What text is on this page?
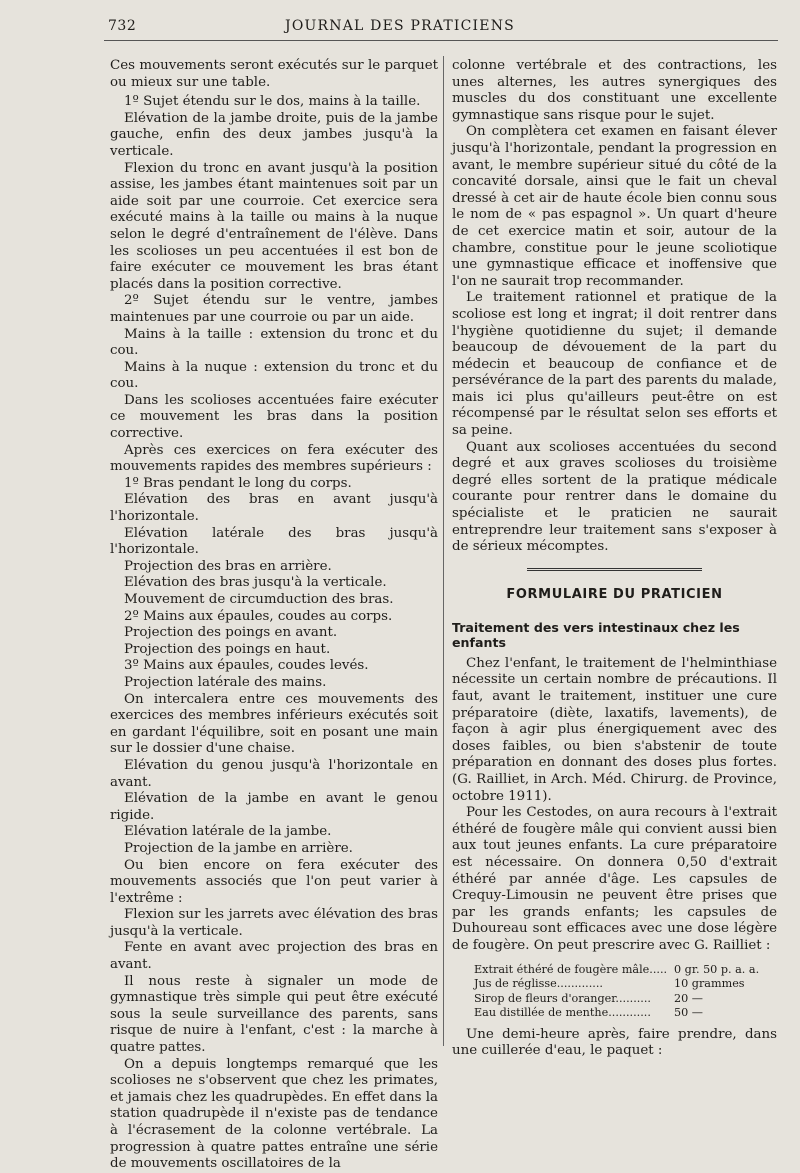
732	JOURNAL DES PRATICIENS

Ces mouvements seront exécutés sur le parquet ou mieux sur une table.

1º Sujet étendu sur le dos, mains à la taille.

Elévation de la jambe droite, puis de la jambe gauche, enfin des deux jambes jusqu'à la verticale.

Flexion du tronc en avant jusqu'à la position assise, les jambes étant maintenues soit par un aide soit par une courroie. Cet exercice sera exécuté mains à la taille ou mains à la nuque selon le degré d'entraînement de l'élève. Dans les scolioses un peu accentuées il est bon de faire exécuter ce mouvement les bras étant placés dans la position corrective.

2º Sujet étendu sur le ventre, jambes maintenues par une courroie ou par un aide.

Mains à la taille : extension du tronc et du cou.

Mains à la nuque : extension du tronc et du cou.

Dans les scolioses accentuées faire exécuter ce mouvement les bras dans la position corrective.

Après ces exercices on fera exécuter des mouvements rapides des membres supérieurs :

1º Bras pendant le long du corps.

Elévation des bras en avant jusqu'à l'horizontale.

Elévation latérale des bras jusqu'à l'horizontale.

Projection des bras en arrière.

Elévation des bras jusqu'à la verticale.

Mouvement de circumduction des bras.

2º Mains aux épaules, coudes au corps.

Projection des poings en avant.

Projection des poings en haut.

3º Mains aux épaules, coudes levés.

Projection latérale des mains.

On intercalera entre ces mouvements des exercices des membres inférieurs exécutés soit en gardant l'équilibre, soit en posant une main sur le dossier d'une chaise.

Elévation du genou jusqu'à l'horizontale en avant.

Elévation de la jambe en avant le genou rigide.

Elévation latérale de la jambe.

Projection de la jambe en arrière.

Ou bien encore on fera exécuter des mouvements associés que l'on peut varier à l'extrême :

Flexion sur les jarrets avec élévation des bras jusqu'à la verticale.

Fente en avant avec projection des bras en avant.

Il nous reste à signaler un mode de gymnastique très simple qui peut être exécuté sous la seule surveillance des parents, sans risque de nuire à l'enfant, c'est : la marche à quatre pattes.

On a depuis longtemps remarqué que les scolioses ne s'observent que chez les primates, et jamais chez les quadrupèdes. En effet dans la station quadrupède il n'existe pas de tendance à l'écrasement de la colonne vertébrale. La progression à quatre pattes entraîne une série de mouvements oscillatoires de la

colonne vertébrale et des contractions, les unes alternes, les autres synergiques des muscles du dos constituant une excellente gymnastique sans risque pour le sujet.

On complètera cet examen en faisant élever jusqu'à l'horizontale, pendant la progression en avant, le membre supérieur situé du côté de la concavité dorsale, ainsi que le fait un cheval dressé à cet air de haute école bien connu sous le nom de « pas espagnol ». Un quart d'heure de cet exercice matin et soir, autour de la chambre, constitue pour le jeune scoliotique une gymnastique efficace et inoffensive que l'on ne saurait trop recommander.

Le traitement rationnel et pratique de la scoliose est long et ingrat; il doit rentrer dans l'hygiène quotidienne du sujet; il demande beaucoup de dévouement de la part du médecin et beaucoup de confiance et de persévérance de la part des parents du malade, mais ici plus qu'ailleurs peut-être on est récompensé par le résultat selon ses efforts et sa peine.

Quant aux scolioses accentuées du second degré et aux graves scolioses du troisième degré elles sortent de la pratique médicale courante pour rentrer dans le domaine du spécialiste et le praticien ne saurait entreprendre leur traitement sans s'exposer à de sérieux mécomptes.

FORMULAIRE DU PRATICIEN
Traitement des vers intestinaux chez les enfants

Chez l'enfant, le traitement de l'helminthiase nécessite un certain nombre de précautions. Il faut, avant le traitement, instituer une cure préparatoire (diète, laxatifs, lavements), de façon à agir plus énergiquement avec des doses faibles, ou bien s'abstenir de toute préparation en donnant des doses plus fortes. (G. Railliet, in Arch. Méd. Chirurg. de Province, octobre 1911).

Pour les Cestodes, on aura recours à l'extrait éthéré de fougère mâle qui convient aussi bien aux tout jeunes enfants. La cure préparatoire est nécessaire. On donnera 0,50 d'extrait éthéré par année d'âge. Les capsules de Crequy-Limousin ne peuvent être prises que par les grands enfants; les capsules de Duhoureau sont efficaces avec une dose légère de fougère. On peut prescrire avec G. Railliet :

Extrait éthéré de fougère mâle.....	0 gr. 50 p. a. a.
Jus de réglisse.............	10 grammes
Sirop de fleurs d'oranger..........	20 —
Eau distillée de menthe............	50 —

Une demi-heure après, faire prendre, dans une cuillerée d'eau, le paquet :
